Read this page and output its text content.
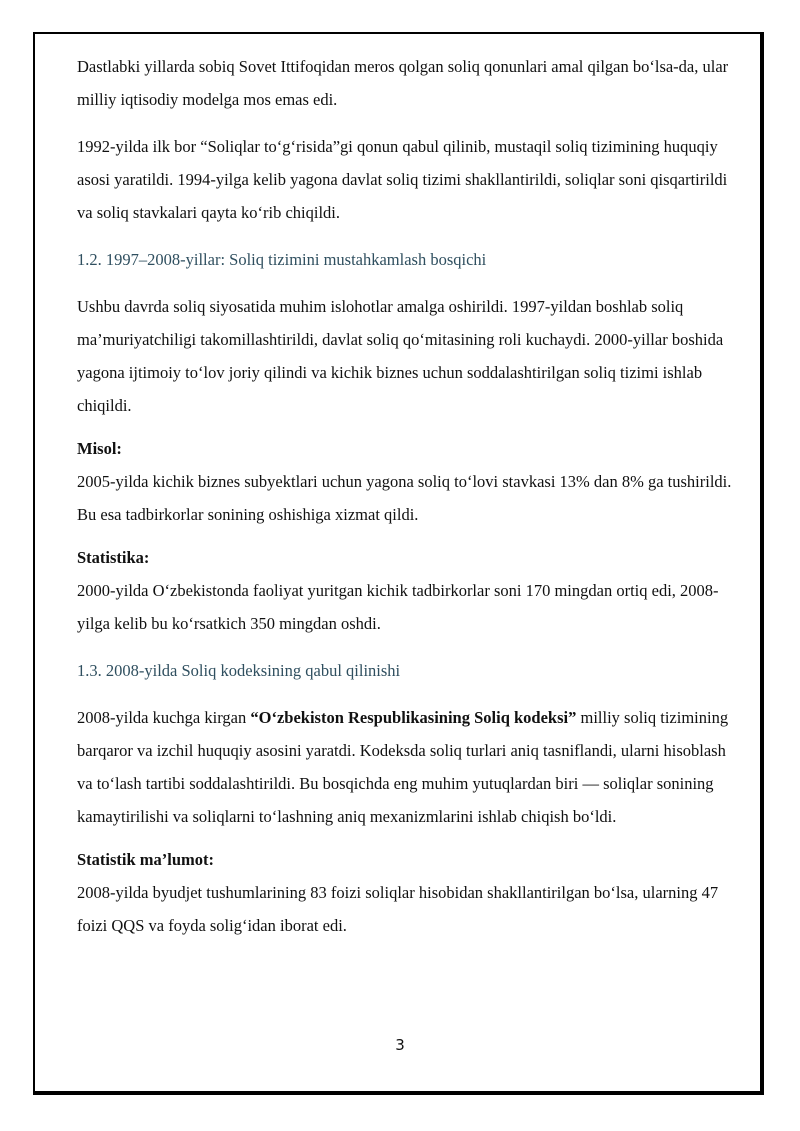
Dastlabki yillarda sobiq Sovet Ittifoqidan meros qolgan soliq qonunlari amal qilgan bo‘lsa-da, ular milliy iqtisodiy modelga mos emas edi.

1992-yilda ilk bor “Soliqlar to‘g‘risida”gi qonun qabul qilinib, mustaqil soliq tizimining huquqiy asosi yaratildi. 1994-yilga kelib yagona davlat soliq tizimi shakllantirildi, soliqlar soni qisqartirildi va soliq stavkalari qayta ko‘rib chiqildi.

1.2. 1997–2008-yillar: Soliq tizimini mustahkamlash bosqichi

Ushbu davrda soliq siyosatida muhim islohotlar amalga oshirildi. 1997-yildan boshlab soliq ma’muriyatchiligi takomillashtirildi, davlat soliq qo‘mitasining roli kuchaydi. 2000-yillar boshida yagona ijtimoiy to‘lov joriy qilindi va kichik biznes uchun soddalashtirilgan soliq tizimi ishlab chiqildi.

Misol:

2005-yilda kichik biznes subyektlari uchun yagona soliq to‘lovi stavkasi 13% dan 8% ga tushirildi. Bu esa tadbirkorlar sonining oshishiga xizmat qildi.

Statistika:

2000-yilda O‘zbekistonda faoliyat yuritgan kichik tadbirkorlar soni 170 mingdan ortiq edi, 2008-yilga kelib bu ko‘rsatkich 350 mingdan oshdi.

1.3. 2008-yilda Soliq kodeksining qabul qilinishi

2008-yilda kuchga kirgan “O‘zbekiston Respublikasining Soliq kodeksi” milliy soliq tizimining barqaror va izchil huquqiy asosini yaratdi. Kodeksda soliq turlari aniq tasniflandi, ularni hisoblash va to‘lash tartibi soddalashtirildi. Bu bosqichda eng muhim yutuqlardan biri — soliqlar sonining kamaytirilishi va soliqlarni to‘lashning aniq mexanizmlarini ishlab chiqish bo‘ldi.

Statistik ma’lumot:

2008-yilda byudjet tushumlarining 83 foizi soliqlar hisobidan shakllantirilgan bo‘lsa, ularning 47 foizi QQS va foyda solig‘idan iborat edi.

3
